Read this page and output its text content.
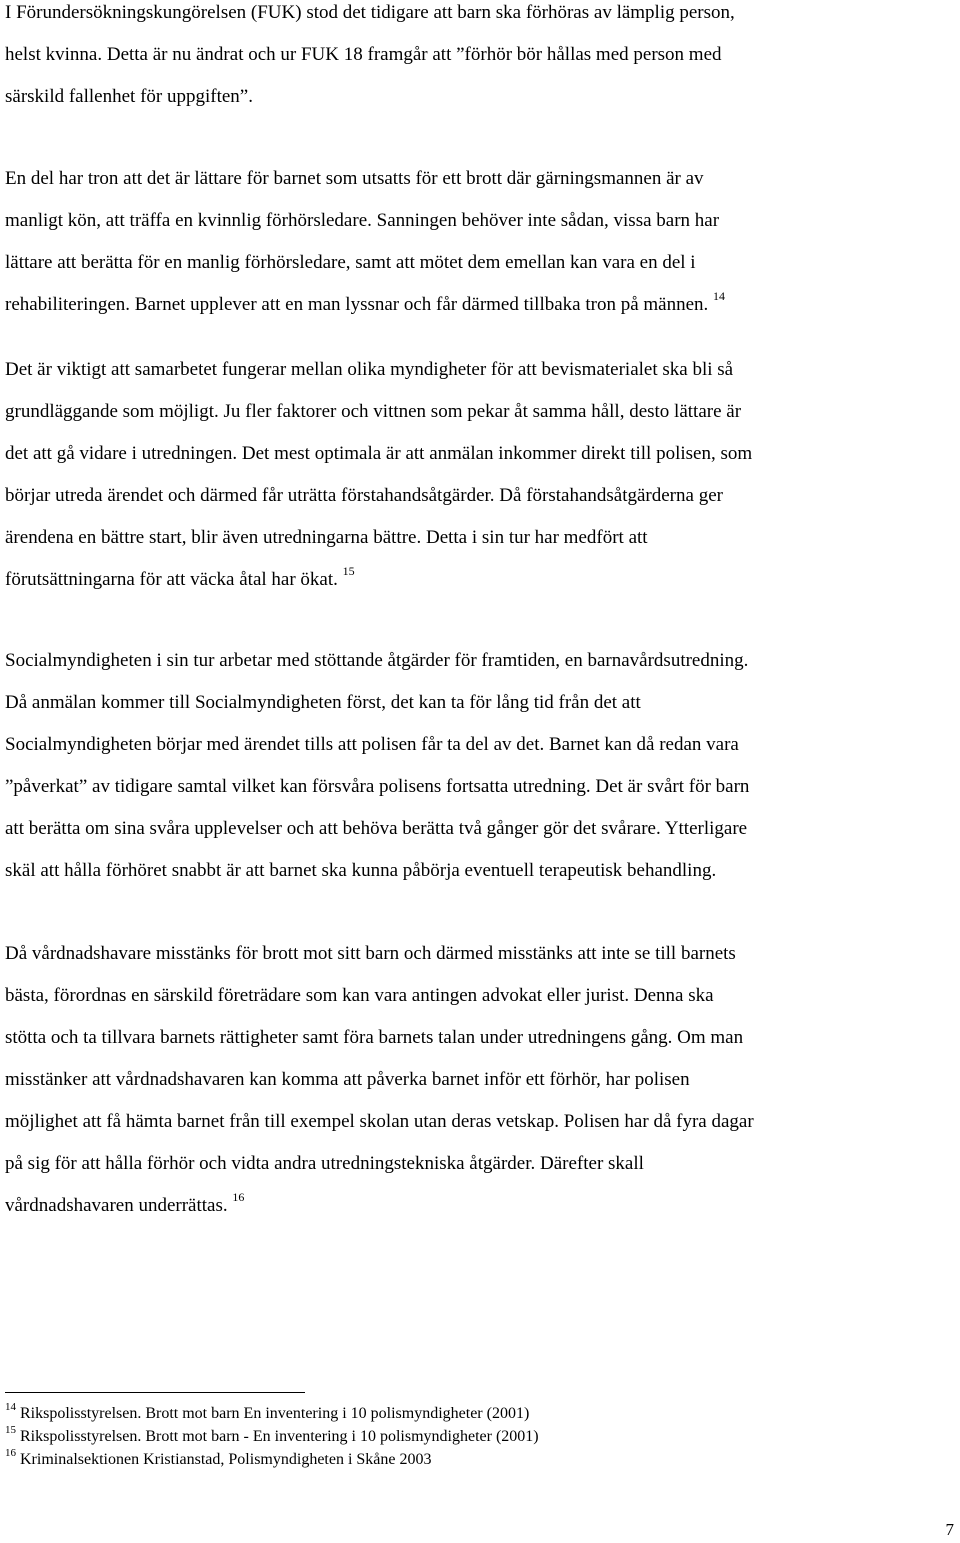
I Förundersökningskungörelsen (FUK) stod det tidigare att barn ska förhöras av lämplig person,
helst kvinna. Detta är nu ändrat och ur FUK 18 framgår att ”förhör bör hållas med person med
särskild fallenhet för uppgiften”.

En del har tron att det är lättare för barnet som utsatts för ett brott där gärningsmannen är av
manligt kön, att träffa en kvinnlig förhörsledare. Sanningen behöver inte sådan, vissa barn har
lättare att berätta för en manlig förhörsledare, samt att mötet dem emellan kan vara en del i
rehabiliteringen. Barnet upplever att en man lyssnar och får därmed tillbaka tron på männen. $^{14}$

Det är viktigt att samarbetet fungerar mellan olika myndigheter för att bevismaterialet ska bli så
grundläggande som möjligt. Ju fler faktorer och vittnen som pekar åt samma håll, desto lättare är
det att gå vidare i utredningen. Det mest optimala är att anmälan inkommer direkt till polisen, som
börjar utreda ärendet och därmed får uträtta förstahandsåtgärder. Då förstahandsåtgärderna ger
ärendena en bättre start, blir även utredningarna bättre. Detta i sin tur har medfört att
förutsättningarna för att väcka åtal har ökat. $^{15}$

Socialmyndigheten i sin tur arbetar med stöttande åtgärder för framtiden, en barnavårdsutredning.
Då anmälan kommer till Socialmyndigheten först, det kan ta för lång tid från det att
Socialmyndigheten börjar med ärendet tills att polisen får ta del av det. Barnet kan då redan vara
”påverkat” av tidigare samtal vilket kan försvåra polisens fortsatta utredning. Det är svårt för barn
att berätta om sina svåra upplevelser och att behöva berätta två gånger gör det svårare. Ytterligare
skäl att hålla förhöret snabbt är att barnet ska kunna påbörja eventuell terapeutisk behandling.

Då vårdnadshavare misstänks för brott mot sitt barn och därmed misstänks att inte se till barnets
bästa, förordnas en särskild företrädare som kan vara antingen advokat eller jurist. Denna ska
stötta och ta tillvara barnets rättigheter samt föra barnets talan under utredningens gång. Om man
misstänker att vårdnadshavaren kan komma att påverka barnet inför ett förhör, har polisen
möjlighet att få hämta barnet från till exempel skolan utan deras vetskap. Polisen har då fyra dagar
på sig för att hålla förhör och vidta andra utredningstekniska åtgärder. Därefter skall
vårdnadshavaren underrättas. $^{16}$

$^{14}$ Rikspolisstyrelsen. Brott mot barn En inventering i 10 polismyndigheter (2001)

$^{15}$ Rikspolisstyrelsen. Brott mot barn - En inventering i 10 polismyndigheter (2001)

$^{16}$ Kriminalsektionen Kristianstad, Polismyndigheten i Skåne 2003

7
